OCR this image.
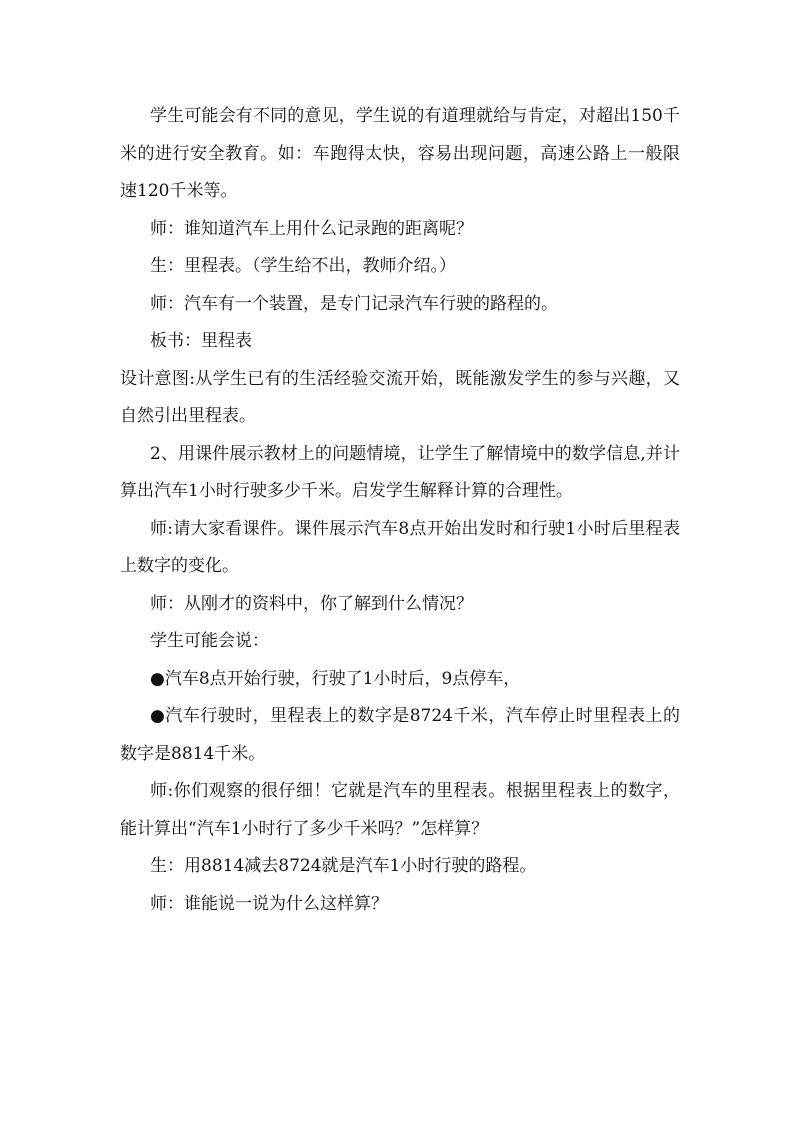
学生可能会有不同的意见，学生说的有道理就给与肯定，对超出150千米的进行安全教育。如：车跑得太快，容易出现问题，高速公路上一般限速120千米等。

师：谁知道汽车上用什么记录跑的距离呢？

生：里程表。（学生给不出，教师介绍。）

师：汽车有一个装置，是专门记录汽车行驶的路程的。

板书：里程表

设计意图:从学生已有的生活经验交流开始，既能激发学生的参与兴趣，又自然引出里程表。

2、用课件展示教材上的问题情境，让学生了解情境中的数学信息,并计算出汽车1小时行驶多少千米。启发学生解释计算的合理性。

师:请大家看课件。课件展示汽车8点开始出发时和行驶1小时后里程表上数字的变化。

师：从刚才的资料中，你了解到什么情况？

学生可能会说：

●汽车8点开始行驶，行驶了1小时后，9点停车，

●汽车行驶时，里程表上的数字是8724千米，汽车停止时里程表上的数字是8814千米。

师:你们观察的很仔细！它就是汽车的里程表。根据里程表上的数字，能计算出“汽车1小时行了多少千米吗？”怎样算？

生：用8814减去8724就是汽车1小时行驶的路程。

师：谁能说一说为什么这样算？
